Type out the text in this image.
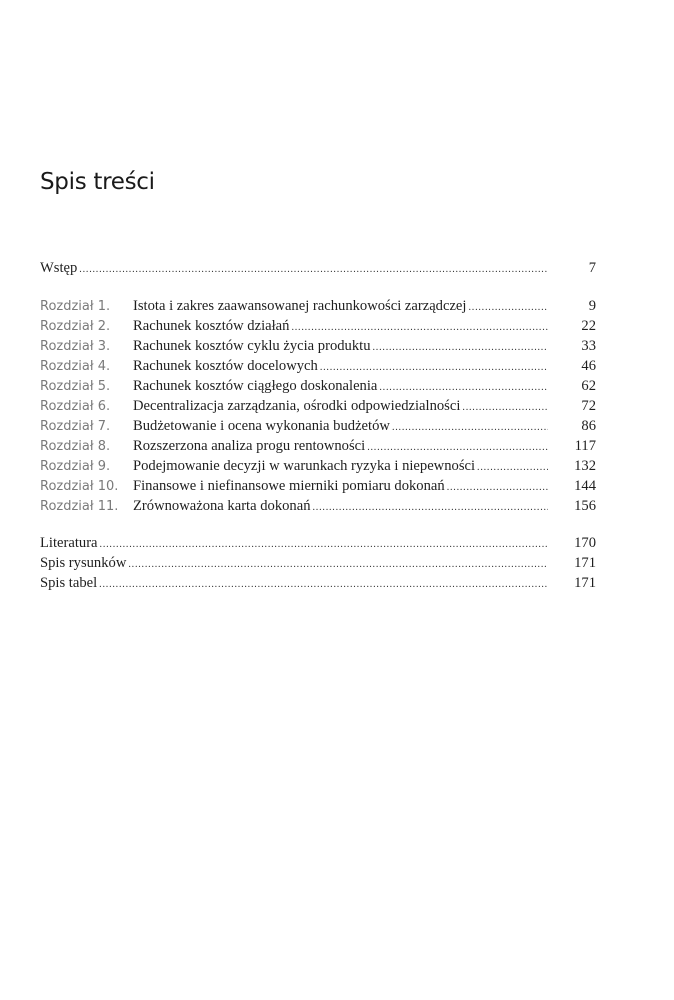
Spis treści
Wstęp .....	7
Rozdział 1.	Istota i zakres zaawansowanej rachunkowości zarządczej .....	9
Rozdział 2.	Rachunek kosztów działań .....	22
Rozdział 3.	Rachunek kosztów cyklu życia produktu .....	33
Rozdział 4.	Rachunek kosztów docelowych .....	46
Rozdział 5.	Rachunek kosztów ciągłego doskonalenia .....	62
Rozdział 6.	Decentralizacja zarządzania, ośrodki odpowiedzialności .....	72
Rozdział 7.	Budżetowanie i ocena wykonania budżetów .....	86
Rozdział 8.	Rozszerzona analiza progu rentowności .....	117
Rozdział 9.	Podejmowanie decyzji w warunkach ryzyka i niepewności .....	132
Rozdział 10.	Finansowe i niefinansowe mierniki pomiaru dokonań .....	144
Rozdział 11.	Zrównoważona karta dokonań .....	156
Literatura .....	170
Spis rysunków .....	171
Spis tabel .....	171
